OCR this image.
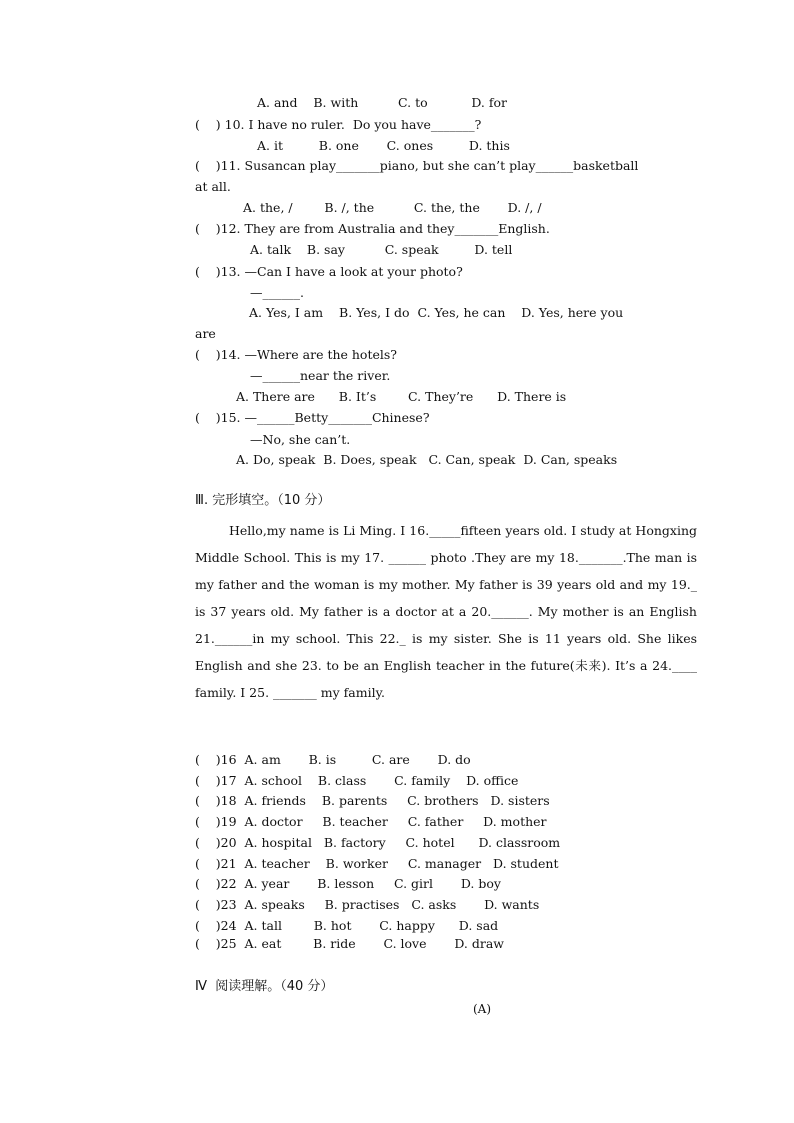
A. and    B. with          C. to           D. for
(    ) 10. I have no ruler.  Do you have_______?
A. it         B. one       C. ones         D. this
(    )11. Susancan play_______piano, but she can’t play______basketball
at all.
A. the, /        B. /, the          C. the, the       D. /, /
(    )12. They are from Australia and they_______English.
A. talk    B. say          C. speak         D. tell
(    )13. —Can I have a look at your photo?
—______.
A. Yes, I am    B. Yes, I do  C. Yes, he can    D. Yes, here you
are
(    )14. —Where are the hotels?
—______near the river.
A. There are      B. It’s        C. They’re      D. There is
(    )15. —______Betty_______Chinese?
—No, she can’t.
A. Do, speak  B. Does, speak   C. Can, speak  D. Can, speaks
Ⅲ. 完形填空。（10 分）
Hello,my name is Li Ming. I 16._____fifteen years old. I study at Hongxing Middle School. This is my 17. ______ photo .They are my 18._______.The man is my father and the woman is my mother. My father is 39 years old and my 19._ is 37 years old. My father is a doctor at a 20.______. My mother is an English 21.______in my school. This 22._ is my sister. She is 11 years old. She likes English and she 23. to be an English teacher in the future(未来). It’s a 24.____ family. I 25. _______ my family.
(    )16 A. am       B. is         C. are       D. do
(    )17 A. school    B. class       C. family    D. office
(    )18 A. friends    B. parents     C. brothers   D. sisters
(    )19 A. doctor     B. teacher     C. father     D. mother
(    )20 A. hospital   B. factory     C. hotel      D. classroom
(    )21 A. teacher    B. worker     C. manager   D. student
(    )22 A. year       B. lesson     C. girl       D. boy
(    )23 A. speaks     B. practises   C. asks       D. wants
(    )24 A. tall        B. hot       C. happy      D. sad
(    )25 A. eat        B. ride       C. love       D. draw
Ⅳ  阅读理解。（40 分）
(A)
